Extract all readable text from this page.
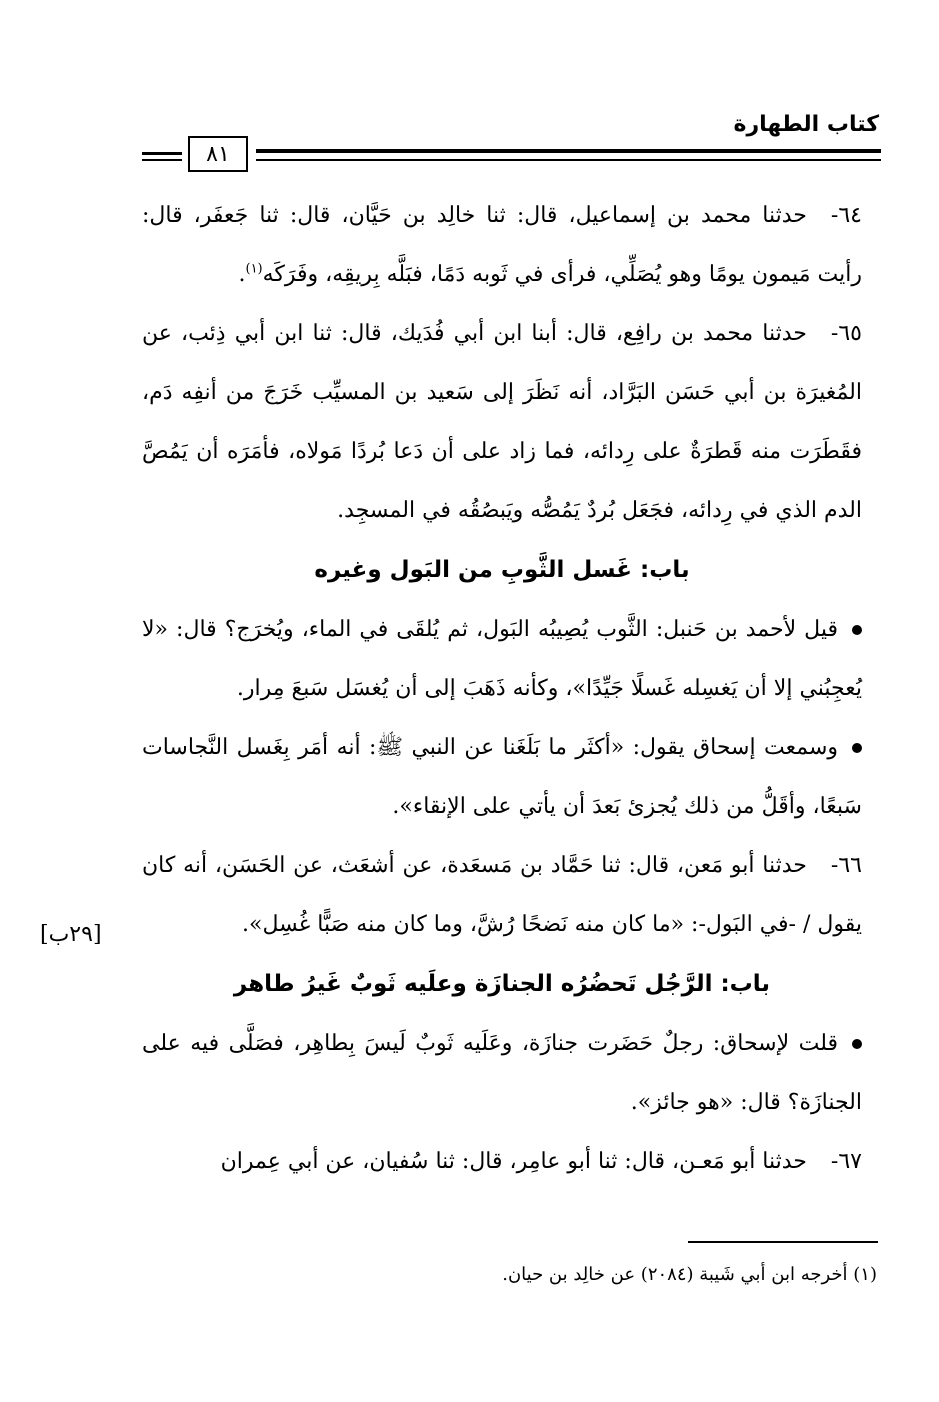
كتاب الطهارة
٨١

٦٤-حدثنا محمد بن إسماعيل، قال: ثنا خالِد بن حَيَّان، قال: ثنا جَعفَر، قال: رأيت مَيمون يومًا وهو يُصَلِّي، فرأى في ثَوبه دَمًا، فبَلَّه بِريقِه، وفَرَكَه$^{(١)}$.

٦٥-حدثنا محمد بن رافِع، قال: أبنا ابن أبي فُدَيك، قال: ثنا ابن أبي ذِئب، عن المُغيرَة بن أبي حَسَن البَرَّاد، أنه نَظَرَ إلى سَعيد بن المسيِّب خَرَجَ من أنفِه دَم، فقَطَرَت منه قَطرَةٌ على رِدائه، فما زاد على أن دَعا بُردًا مَولاه، فأمَرَه أن يَمُصَّ الدم الذي في رِدائه، فجَعَل بُردٌ يَمُصُّه ويَبصُقُه في المسجِد.

باب: غَسل الثَّوبِ من البَول وغيره

قيل لأحمد بن حَنبل: الثَّوب يُصِيبُه البَول، ثم يُلقَى في الماء، ويُخرَج؟ قال: «لا يُعجِبُني إلا أن يَغسِله غَسلًا جَيِّدًا»، وكأنه ذَهَبَ إلى أن يُغسَل سَبعَ مِرار.

وسمعت إسحاق يقول: «أكثَر ما بَلَغَنا عن النبي ﷺ: أنه أمَر بِغَسل النَّجاسات سَبعًا، وأقَلُّ من ذلك يُجزئ بَعدَ أن يأتي على الإنقاء».

٦٦-حدثنا أبو مَعن، قال: ثنا حَمَّاد بن مَسعَدة، عن أشعَث، عن الحَسَن، أنه كان يقول / -في البَول-: «ما كان منه نَضحًا رُشَّ، وما كان منه صَبًّا غُسِل».

باب: الرَّجُل تَحضُرُه الجنازَة وعلَيه ثَوبٌ غَيرُ طاهر

قلت لإسحاق: رجلٌ حَضَرت جنازَة، وعَلَيه ثَوبٌ لَيسَ بِطاهِر، فصَلَّى فيه على الجنازَة؟ قال: «هو جائز».

٦٧-حدثنا أبو مَعـن، قال: ثنا أبو عامِر، قال: ثنا سُفيان، عن أبي عِمران

[٢٩ب]
(١) أخرجه ابن أبي شَيبة (٢٠٨٤) عن خالِد بن حيان.
